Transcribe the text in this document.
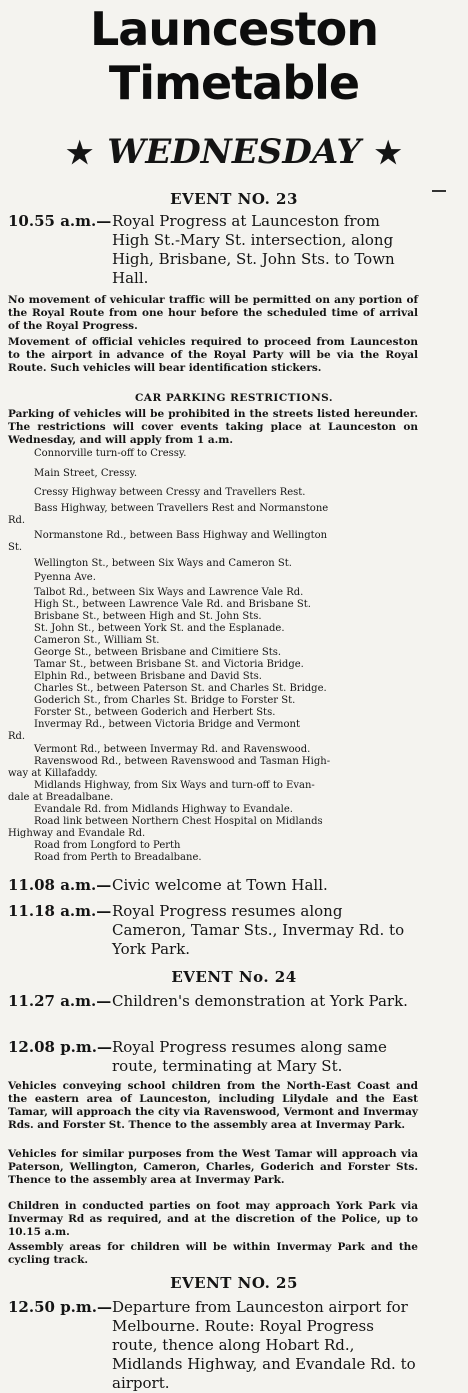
Launceston
Timetable
★ WEDNESDAY ★
EVENT NO. 23
10.55 a.m.— Royal Progress at Launceston from High St.-Mary St. intersection, along High, Brisbane, St. John Sts. to Town Hall.
No movement of vehicular traffic will be permitted on any portion of the Royal Route from one hour before the scheduled time of arrival of the Royal Progress.
Movement of official vehicles required to proceed from Launceston to the airport in advance of the Royal Party will be via the Royal Route. Such vehicles will bear identification stickers.
CAR PARKING RESTRICTIONS.
Parking of vehicles will be prohibited in the streets listed hereunder. The restrictions will cover events taking place at Launceston on Wednesday, and will apply from 1 a.m.
Connorville turn-off to Cressy.
Main Street, Cressy.
Cressy Highway between Cressy and Travellers Rest.
Bass Highway, between Travellers Rest and Normanstone
Rd.
Normanstone Rd., between Bass Highway and Wellington
St.
Wellington St., between Six Ways and Cameron St.
Pyenna Ave.
Talbot Rd., between Six Ways and Lawrence Vale Rd.
High St., between Lawrence Vale Rd. and Brisbane St.
Brisbane St., between High and St. John Sts.
St. John St., between York St. and the Esplanade.
Cameron St., William St.
George St., between Brisbane and Cimitiere Sts.
Tamar St., between Brisbane St. and Victoria Bridge.
Elphin Rd., between Brisbane and David Sts.
Charles St., between Paterson St. and Charles St. Bridge.
Goderich St., from Charles St. Bridge to Forster St.
Forster St., between Goderich and Herbert Sts.
Invermay Rd., between Victoria Bridge and Vermont
Rd.
Vermont Rd., between Invermay Rd. and Ravenswood.
Ravenswood Rd., between Ravenswood and Tasman High-
way at Killafaddy.
Midlands Highway, from Six Ways and turn-off to Evan-
dale at Breadalbane.
Evandale Rd. from Midlands Highway to Evandale.
Road link between Northern Chest Hospital on Midlands
Highway and Evandale Rd.
Road from Longford to Perth
Road from Perth to Breadalbane.
11.08 a.m.— Civic welcome at Town Hall.
11.18 a.m.— Royal Progress resumes along Cameron, Tamar Sts., Invermay Rd. to York Park.
EVENT No. 24
11.27 a.m.— Children's demonstration at York Park.
12.08 p.m.— Royal Progress resumes along same route, terminating at Mary St.
Vehicles conveying school children from the North-East Coast and the eastern area of Launceston, including Lilydale and the East Tamar, will approach the city via Ravenswood, Vermont and Invermay Rds. and Forster St. Thence to the assembly area at Invermay Park.
Vehicles for similar purposes from the West Tamar will approach via Paterson, Wellington, Cameron, Charles, Goderich and Forster Sts. Thence to the assembly area at Invermay Park.
Children in conducted parties on foot may approach York Park via Invermay Rd as required, and at the discretion of the Police, up to 10.15 a.m.
Assembly areas for children will be within Invermay Park and the cycling track.
EVENT NO. 25
12.50 p.m.— Departure from Launceston airport for Melbourne. Route: Royal Progress route, thence along Hobart Rd., Midlands Highway, and Evandale Rd. to airport.
